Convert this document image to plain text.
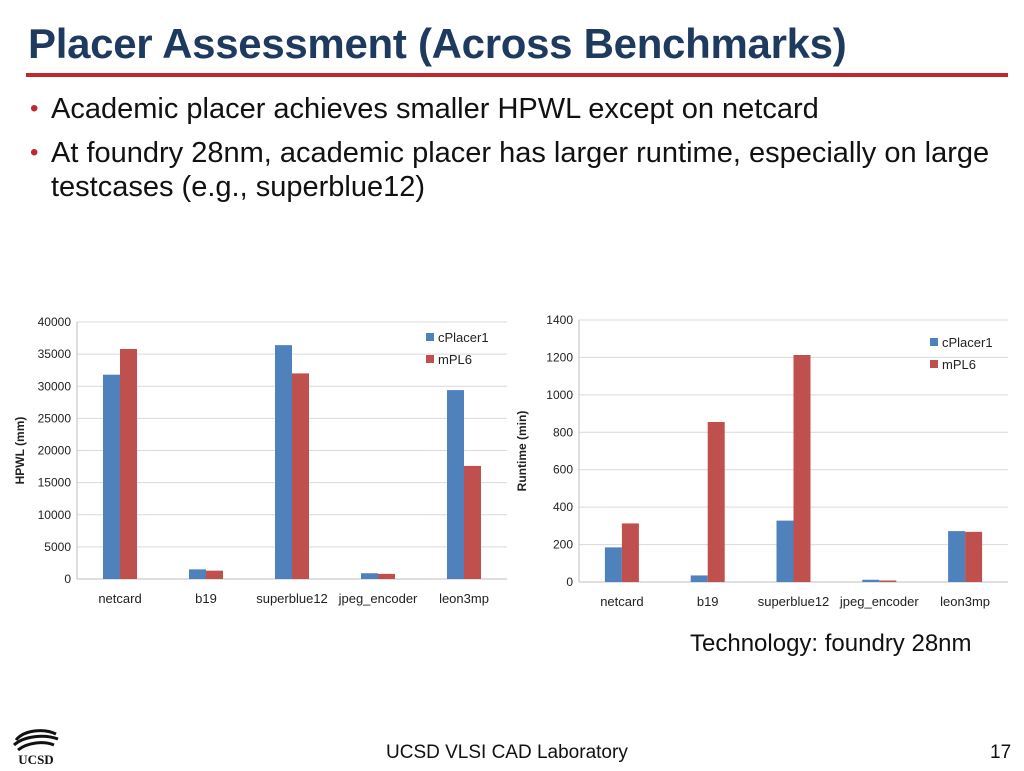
Placer Assessment (Across Benchmarks)
• Academic placer achieves smaller HPWL except on netcard
• At foundry 28nm, academic placer has larger runtime, especially on large testcases (e.g., superblue12)
0
5000
10000
15000
20000
25000
30000
35000
40000
HPWL (mm)
netcard	b19	superblue12 jpeg_encoder leon3mp
cPlacer1
mPL6
0
200
400
600
800
1000
1200
1400
Runtime (min)
netcard	b19	superblue12 jpeg_encoder leon3mp
cPlacer1
mPL6
Technology: foundry 28nm
UCSD	UCSD VLSI CAD Laboratory	17
